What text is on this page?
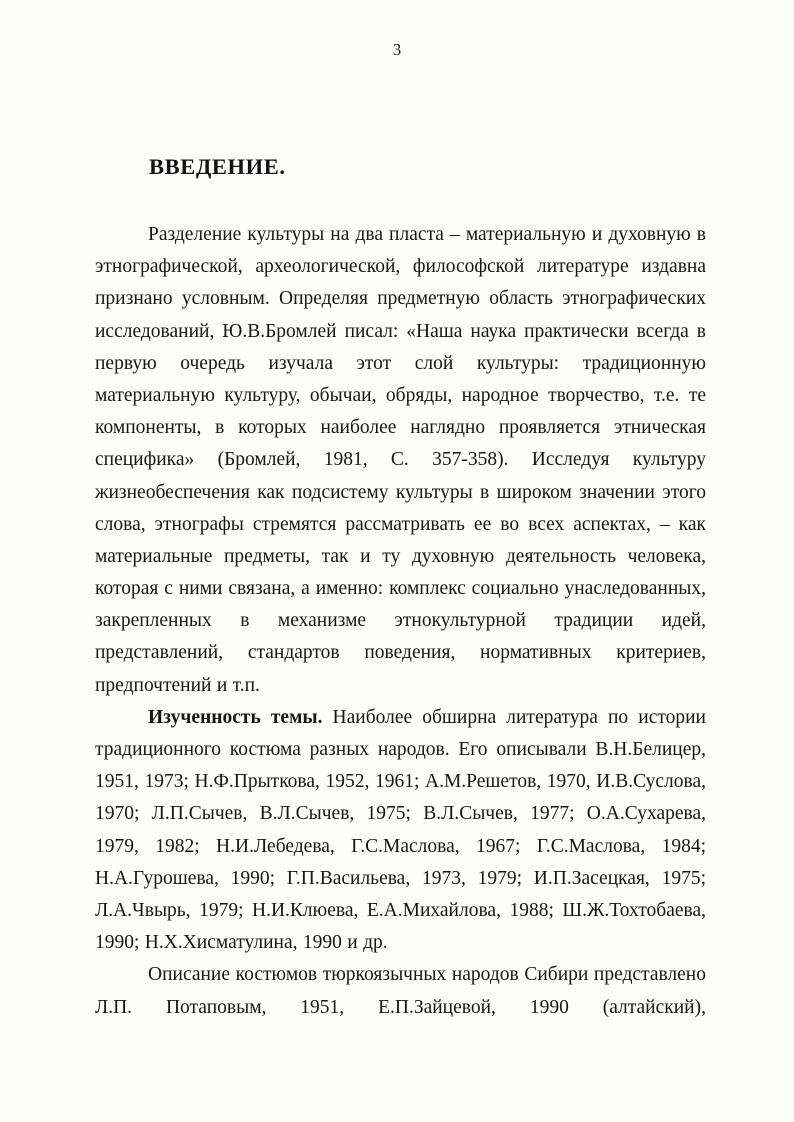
3
ВВЕДЕНИЕ.
Разделение культуры на два пласта – материальную и духовную в
этнографической, археологической, философской литературе издавна
признано условным. Определяя предметную область этнографических
исследований, Ю.В.Бромлей писал: «Наша наука практически всегда в
первую очередь изучала этот слой культуры: традиционную
материальную культуру, обычаи, обряды, народное творчество, т.е. те
компоненты, в которых наиболее наглядно проявляется этническая
специфика» (Бромлей, 1981, С. 357-358). Исследуя культуру
жизнеобеспечения как подсистему культуры в широком значении этого
слова, этнографы стремятся рассматривать ее во всех аспектах, – как
материальные предметы, так и ту духовную деятельность человека,
которая с ними связана, а именно: комплекс социально унаследованных,
закрепленных в механизме этнокультурной традиции идей,
представлений, стандартов поведения, нормативных критериев,
предпочтений и т.п.
Изученность темы. Наиболее обширна литература по истории
традиционного костюма разных народов. Его описывали В.Н.Белицер,
1951, 1973; Н.Ф.Прыткова, 1952, 1961; А.М.Решетов, 1970, И.В.Суслова,
1970; Л.П.Сычев, В.Л.Сычев, 1975; В.Л.Сычев, 1977; О.А.Сухарева,
1979, 1982; Н.И.Лебедева, Г.С.Маслова, 1967; Г.С.Маслова, 1984;
Н.А.Гурошева, 1990; Г.П.Васильева, 1973, 1979; И.П.Засецкая, 1975;
Л.А.Чвырь, 1979; Н.И.Клюева, Е.А.Михайлова, 1988; Ш.Ж.Тохтобаева,
1990; Н.Х.Хисматулина, 1990 и др.
Описание костюмов тюркоязычных народов Сибири представлено
Л.П. Потаповым, 1951, Е.П.Зайцевой, 1990 (алтайский),
